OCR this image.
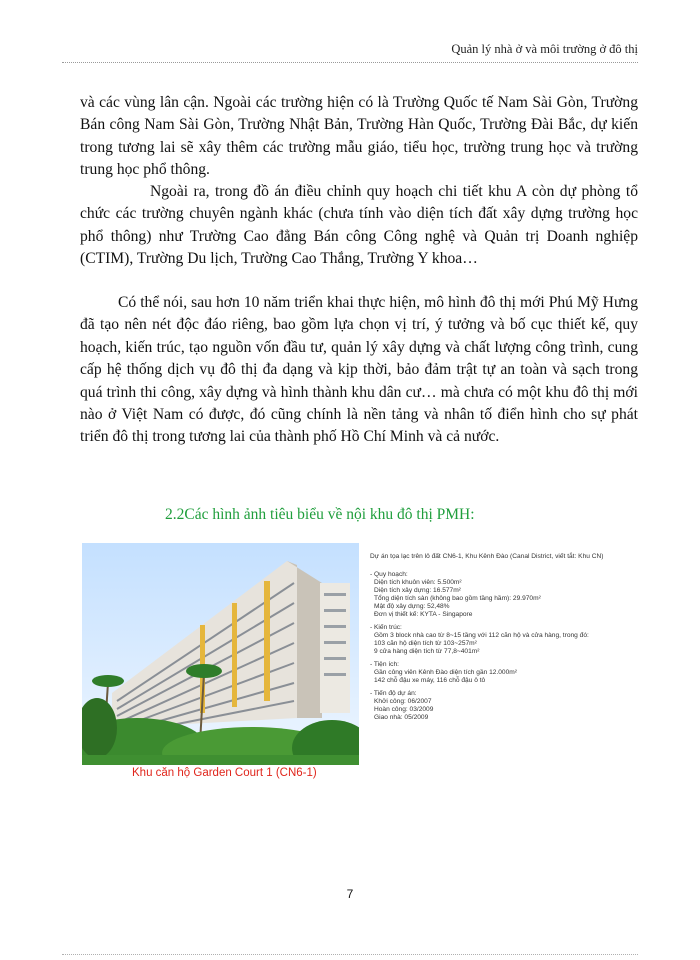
Quản lý nhà ở và môi trường ở đô thị

và các vùng lân cận. Ngoài các trường hiện có là Trường Quốc tế Nam Sài Gòn, Trường Bán công Nam Sài Gòn, Trường Nhật Bản, Trường Hàn Quốc, Trường Đài Bắc, dự kiến trong tương lai sẽ xây thêm các trường mẫu giáo, tiểu học, trường trung học và trường trung học phổ thông.

Ngoài ra, trong đồ án điều chỉnh quy hoạch chi tiết khu A còn dự phòng tổ chức các trường chuyên ngành khác (chưa tính vào diện tích đất xây dựng trường học phổ thông) như Trường Cao đẳng Bán công Công nghệ và Quản trị Doanh nghiệp (CTIM), Trường Du lịch, Trường Cao Thắng, Trường Y khoa…

Có thể nói, sau hơn 10 năm triển khai thực hiện, mô hình đô thị mới Phú Mỹ Hưng đã tạo nên nét độc đáo riêng, bao gồm lựa chọn vị trí, ý tưởng và bố cục thiết kế, quy hoạch, kiến trúc, tạo nguồn vốn đầu tư, quản lý xây dựng và chất lượng công trình, cung cấp hệ thống dịch vụ đô thị đa dạng và kịp thời, bảo đảm trật tự an toàn và sạch trong quá trình thi công, xây dựng và hình thành khu dân cư… mà chưa có một khu đô thị mới nào ở Việt Nam có được, đó cũng chính là nền tảng và nhân tố điển hình cho sự phát triển đô thị trong tương lai của thành phố Hồ Chí Minh và cả nước.

2.2Các hình ảnh tiêu biểu về nội khu đô thị PMH:

Khu căn hộ Garden Court 1 (CN6-1)
Dự án tọa lạc trên lô đất CN6-1, Khu Kênh Đào (Canal District, viết tắt: Khu CN)
- Quy hoạch:
Diện tích khuôn viên: 5.500m²
Diện tích xây dựng: 16.577m²
Tổng diện tích sàn (không bao gồm tầng hầm): 29.970m²
Mật độ xây dựng: 52,48%
Đơn vị thiết kế: KYTA - Singapore
- Kiến trúc:
Gồm 3 block nhà cao từ 8~15 tầng với 112 căn hộ và cửa hàng, trong đó:
103 căn hộ diện tích từ 103~257m²
9 cửa hàng diện tích từ 77,8~401m²
- Tiện ích:
Gần công viên Kênh Đào diện tích gần 12.000m²
142 chỗ đậu xe máy, 116 chỗ đậu ô tô
- Tiến độ dự án:
Khởi công: 06/2007
Hoàn công: 03/2009
Giao nhà: 05/2009
7
